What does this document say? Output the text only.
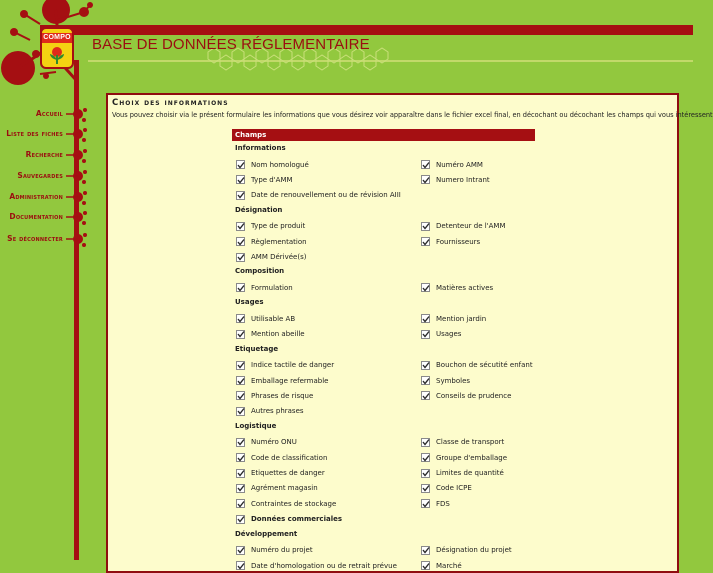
COMPO BASE DE DONNÉES RÉGLEMENTAIRE
Accueil
Liste des fiches
Recherche
Sauvegardes
Administration
Documentation
Se déconnecter
Choix des informations
Vous pouvez choisir via le présent formulaire les informations que vous désirez voir apparaître dans le fichier excel final, en décochant ou décochant les champs qui vous intéressent
Champs
Informations
Nom homologué	Numéro AMM
Type d'AMM	Numero Intrant
Date de renouvellement ou de révision AIII
Désignation
Type de produit	Detenteur de l'AMM
Règlementation	Fournisseurs
AMM Dérivée(s)
Composition
Formulation	Matières actives
Usages
Utilisable AB	Mention jardin
Mention abeille	Usages
Etiquetage
Indice tactile de danger	Bouchon de sécutité enfant
Emballage refermable	Symboles
Phrases de risque	Conseils de prudence
Autres phrases
Logistique
Numéro ONU	Classe de transport
Code de classification	Groupe d'emballage
Etiquettes de danger	Limites de quantité
Agrément magasin	Code ICPE
Contraintes de stockage	FDS
Données commerciales
Développement
Numéro du projet	Désignation du projet
Date d'homologation ou de retrait prévue	Marché
